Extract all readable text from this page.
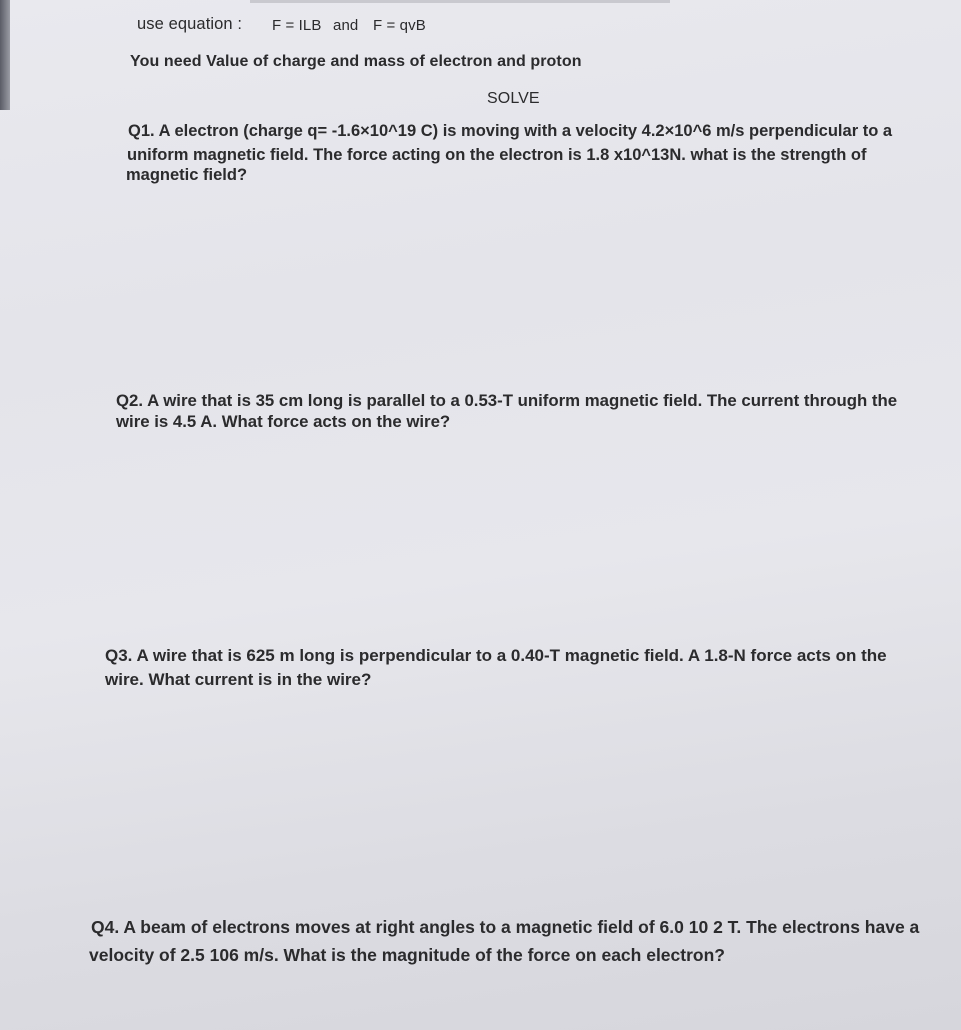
use equation : F = ILB and F = qvB
You need Value of charge and mass of electron and proton
SOLVE
Q1. A electron (charge q= -1.6×10^19 C) is moving with a velocity 4.2×10^6 m/s perpendicular to a
uniform magnetic field. The force acting on the electron is 1.8 x10^13N. what is the strength of
magnetic field?
Q2. A wire that is 35 cm long is parallel to a 0.53-T uniform magnetic field. The current through the
wire is 4.5 A. What force acts on the wire?
Q3. A wire that is 625 m long is perpendicular to a 0.40-T magnetic field. A 1.8-N force acts on the
wire. What current is in the wire?
Q4. A beam of electrons moves at right angles to a magnetic field of 6.0 10 2 T. The electrons have a
velocity of 2.5 106 m/s. What is the magnitude of the force on each electron?
